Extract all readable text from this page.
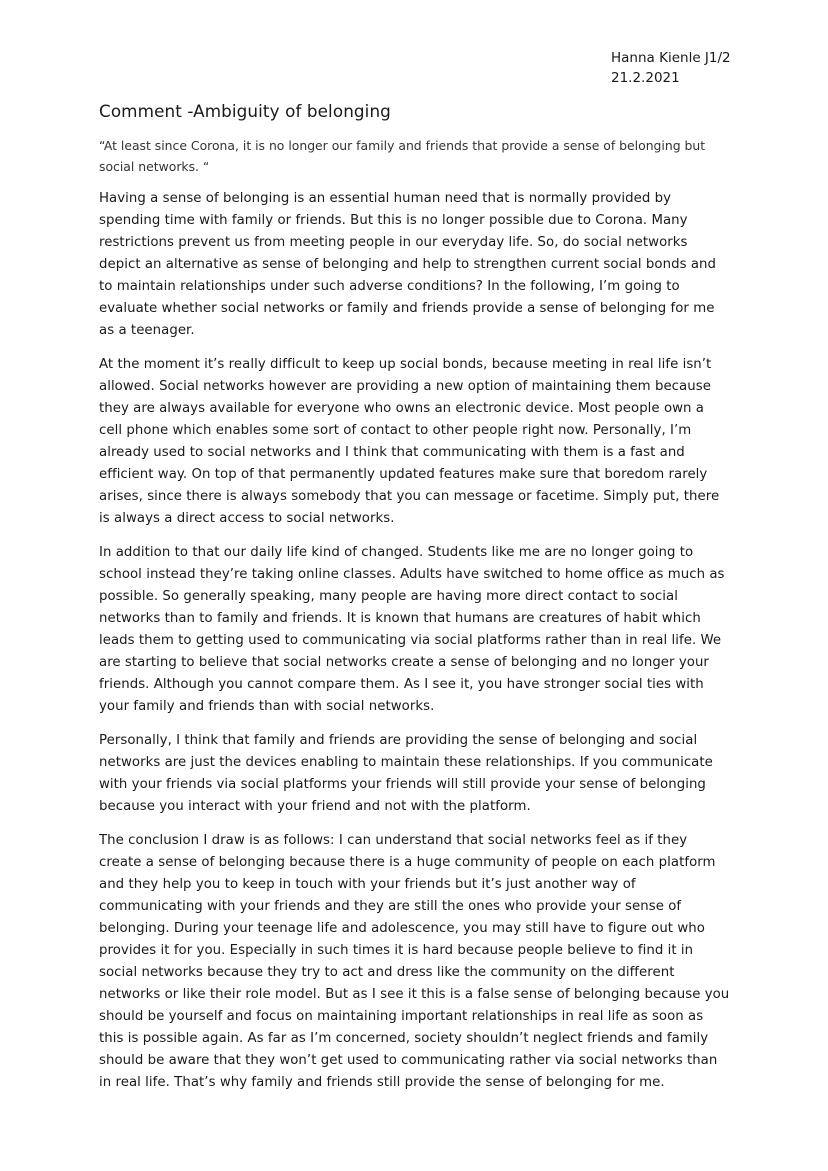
Hanna Kienle J1/2
21.2.2021
Comment -Ambiguity of belonging

“At least since Corona, it is no longer our family and friends that provide a sense of belonging but
social networks. “

Having a sense of belonging is an essential human need that is normally provided by
spending time with family or friends. But this is no longer possible due to Corona. Many
restrictions prevent us from meeting people in our everyday life. So, do social networks
depict an alternative as sense of belonging and help to strengthen current social bonds and
to maintain relationships under such adverse conditions? In the following, I’m going to
evaluate whether social networks or family and friends provide a sense of belonging for me
as a teenager.

At the moment it’s really difficult to keep up social bonds, because meeting in real life isn’t
allowed. Social networks however are providing a new option of maintaining them because
they are always available for everyone who owns an electronic device. Most people own a
cell phone which enables some sort of contact to other people right now. Personally, I’m
already used to social networks and I think that communicating with them is a fast and
efficient way. On top of that permanently updated features make sure that boredom rarely
arises, since there is always somebody that you can message or facetime. Simply put, there
is always a direct access to social networks.

In addition to that our daily life kind of changed. Students like me are no longer going to
school instead they’re taking online classes. Adults have switched to home office as much as
possible. So generally speaking, many people are having more direct contact to social
networks than to family and friends. It is known that humans are creatures of habit which
leads them to getting used to communicating via social platforms rather than in real life. We
are starting to believe that social networks create a sense of belonging and no longer your
friends. Although you cannot compare them. As I see it, you have stronger social ties with
your family and friends than with social networks.

Personally, I think that family and friends are providing the sense of belonging and social
networks are just the devices enabling to maintain these relationships. If you communicate
with your friends via social platforms your friends will still provide your sense of belonging
because you interact with your friend and not with the platform.

The conclusion I draw is as follows: I can understand that social networks feel as if they
create a sense of belonging because there is a huge community of people on each platform
and they help you to keep in touch with your friends but it’s just another way of
communicating with your friends and they are still the ones who provide your sense of
belonging. During your teenage life and adolescence, you may still have to figure out who
provides it for you. Especially in such times it is hard because people believe to find it in
social networks because they try to act and dress like the community on the different
networks or like their role model. But as I see it this is a false sense of belonging because you
should be yourself and focus on maintaining important relationships in real life as soon as
this is possible again. As far as I’m concerned, society shouldn’t neglect friends and family
should be aware that they won’t get used to communicating rather via social networks than
in real life. That’s why family and friends still provide the sense of belonging for me.
